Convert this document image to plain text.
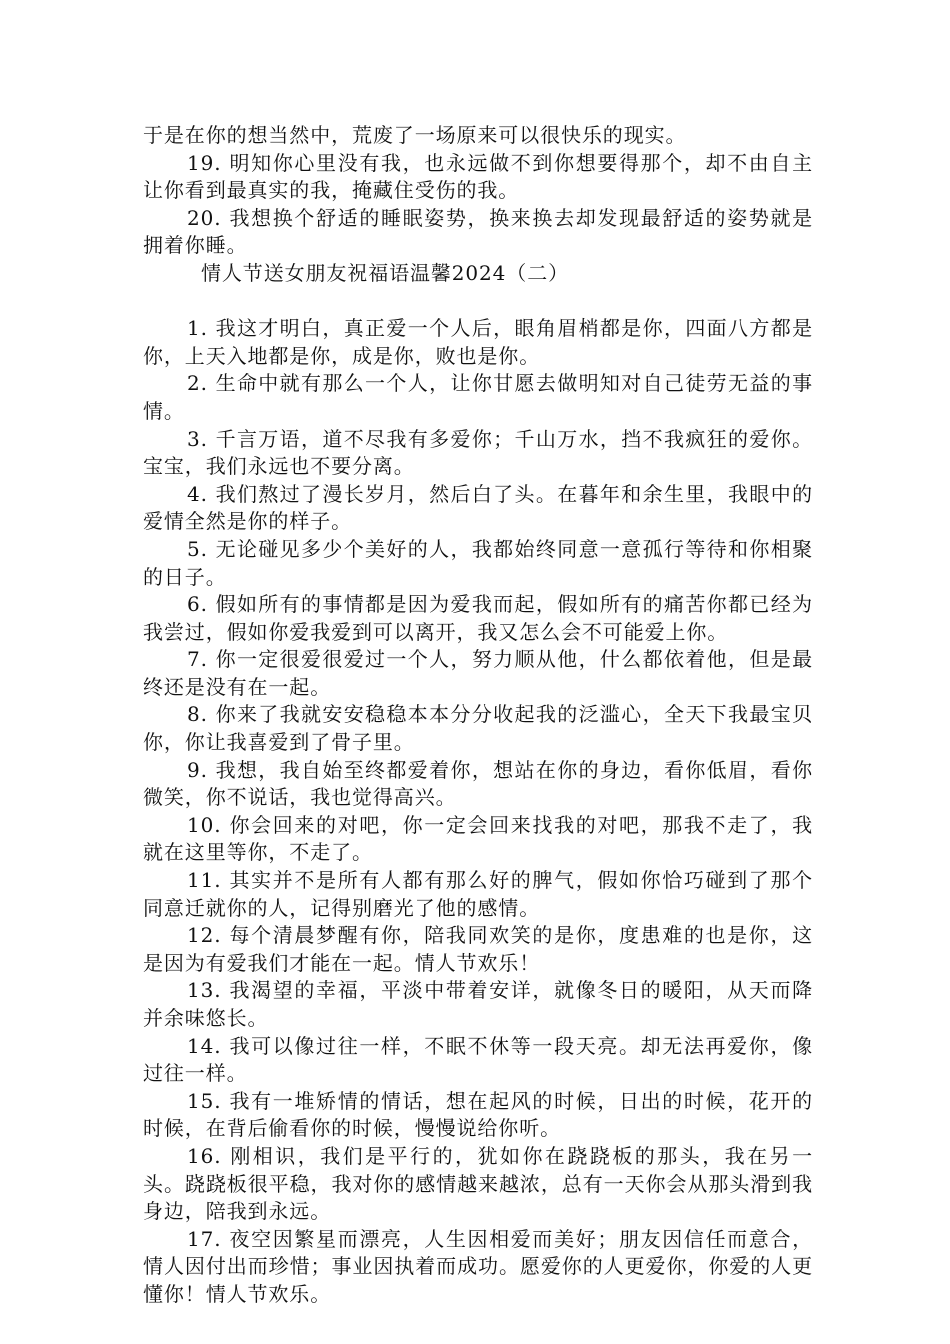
于是在你的想当然中，荒废了一场原来可以很快乐的现实。

19. 明知你心里没有我，也永远做不到你想要得那个，却不由自主让你看到最真实的我，掩藏住受伤的我。

20. 我想换个舒适的睡眠姿势，换来换去却发现最舒适的姿势就是拥着你睡。

情人节送女朋友祝福语温馨2024（二）

1. 我这才明白，真正爱一个人后，眼角眉梢都是你，四面八方都是你，上天入地都是你，成是你，败也是你。

2. 生命中就有那么一个人，让你甘愿去做明知对自己徒劳无益的事情。

3. 千言万语，道不尽我有多爱你；千山万水，挡不我疯狂的爱你。宝宝，我们永远也不要分离。

4. 我们熬过了漫长岁月，然后白了头。在暮年和余生里，我眼中的爱情全然是你的样子。

5. 无论碰见多少个美好的人，我都始终同意一意孤行等待和你相聚的日子。

6. 假如所有的事情都是因为爱我而起，假如所有的痛苦你都已经为我尝过，假如你爱我爱到可以离开，我又怎么会不可能爱上你。

7. 你一定很爱很爱过一个人，努力顺从他，什么都依着他，但是最终还是没有在一起。

8. 你来了我就安安稳稳本本分分收起我的泛滥心，全天下我最宝贝你，你让我喜爱到了骨子里。

9. 我想，我自始至终都爱着你，想站在你的身边，看你低眉，看你微笑，你不说话，我也觉得高兴。

10. 你会回来的对吧，你一定会回来找我的对吧，那我不走了，我就在这里等你，不走了。

11. 其实并不是所有人都有那么好的脾气，假如你恰巧碰到了那个同意迁就你的人，记得别磨光了他的感情。

12. 每个清晨梦醒有你，陪我同欢笑的是你，度患难的也是你，这是因为有爱我们才能在一起。情人节欢乐！

13. 我渴望的幸福，平淡中带着安详，就像冬日的暖阳，从天而降并余味悠长。

14. 我可以像过往一样，不眠不休等一段天亮。却无法再爱你，像过往一样。

15. 我有一堆矫情的情话，想在起风的时候，日出的时候，花开的时候，在背后偷看你的时候，慢慢说给你听。

16. 刚相识，我们是平行的，犹如你在跷跷板的那头，我在另一头。跷跷板很平稳，我对你的感情越来越浓，总有一天你会从那头滑到我身边，陪我到永远。

17. 夜空因繁星而漂亮，人生因相爱而美好；朋友因信任而意合，情人因付出而珍惜；事业因执着而成功。愿爱你的人更爱你，你爱的人更懂你！情人节欢乐。
